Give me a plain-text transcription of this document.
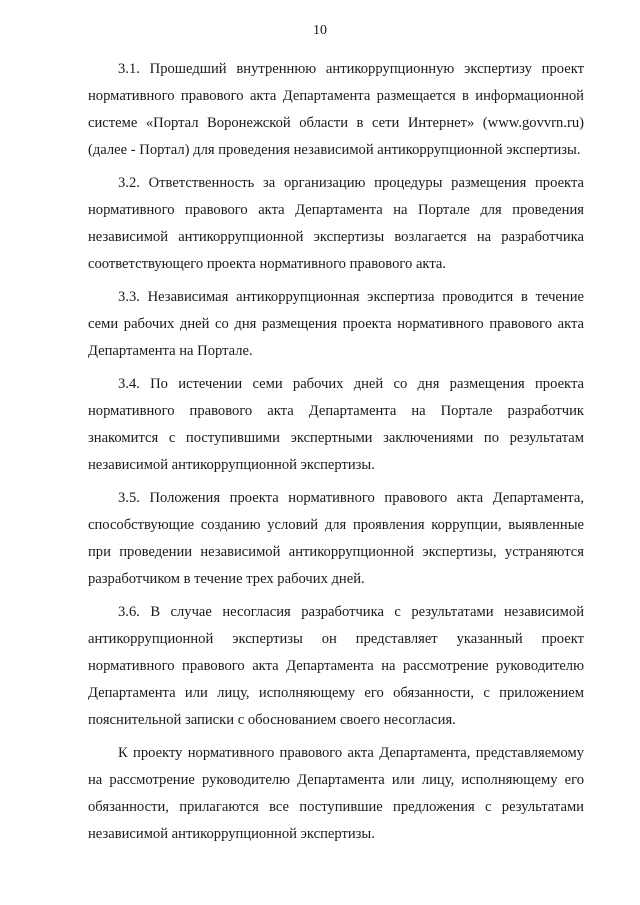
10

3.1. Прошедший внутреннюю антикоррупционную экспертизу проект нормативного правового акта Департамента размещается в информационной системе «Портал Воронежской области в сети Интернет» (www.govvrn.ru) (далее - Портал) для проведения независимой антикоррупционной экспертизы.

3.2. Ответственность за организацию процедуры размещения проекта нормативного правового акта Департамента на Портале для проведения независимой антикоррупционной экспертизы возлагается на разработчика соответствующего проекта нормативного правового акта.

3.3. Независимая антикоррупционная экспертиза проводится в течение семи рабочих дней со дня размещения проекта нормативного правового акта Департамента на Портале.

3.4. По истечении семи рабочих дней со дня размещения проекта нормативного правового акта Департамента на Портале разработчик знакомится с поступившими экспертными заключениями по результатам независимой антикоррупционной экспертизы.

3.5. Положения проекта нормативного правового акта Департамента, способствующие созданию условий для проявления коррупции, выявленные при проведении независимой антикоррупционной экспертизы, устраняются разработчиком в течение трех рабочих дней.

3.6. В случае несогласия разработчика с результатами независимой антикоррупционной экспертизы он представляет указанный проект нормативного правового акта Департамента на рассмотрение руководителю Департамента или лицу, исполняющему его обязанности, с приложением пояснительной записки с обоснованием своего несогласия.

К проекту нормативного правового акта Департамента, представляемому на рассмотрение руководителю Департамента или лицу, исполняющему его обязанности, прилагаются все поступившие предложения с результатами независимой антикоррупционной экспертизы.
